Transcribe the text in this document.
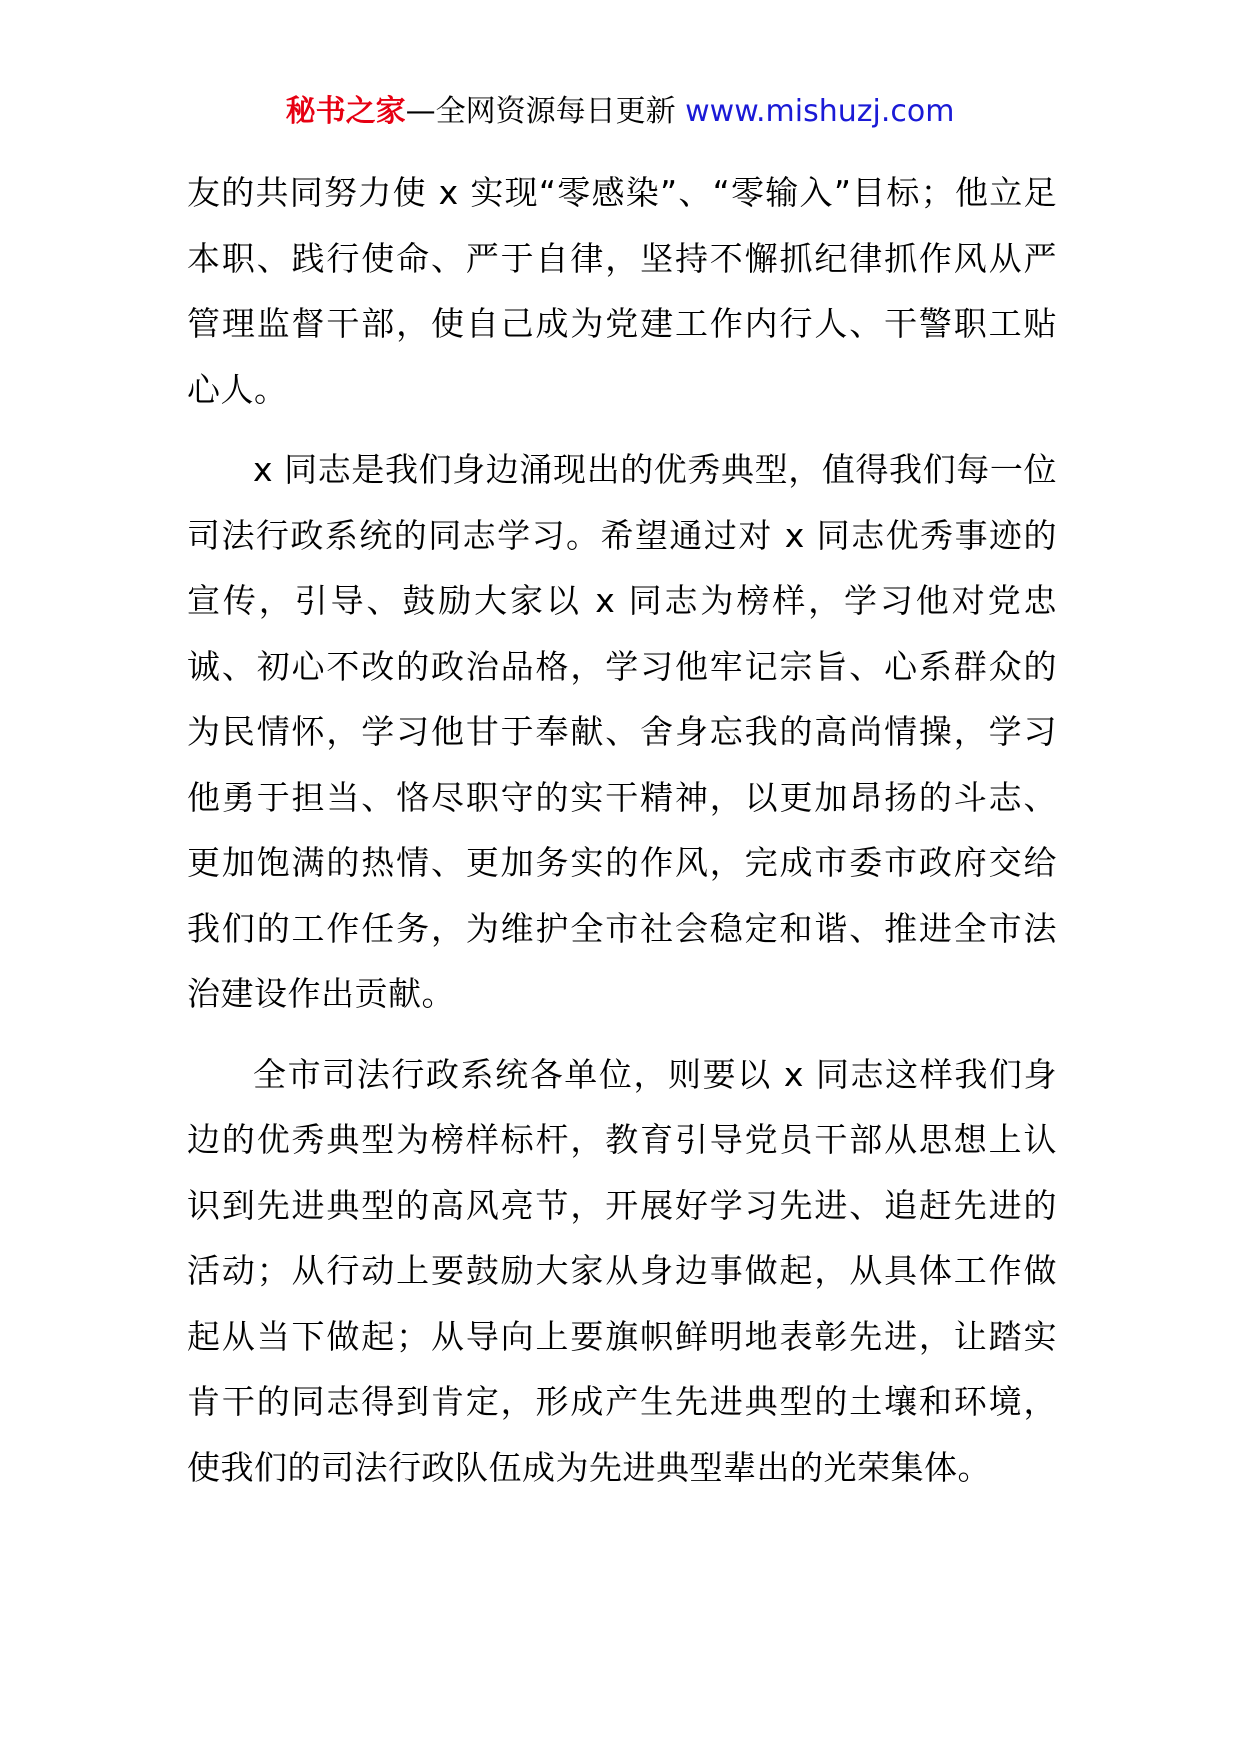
秘书之家—全网资源每日更新 www.mishuzj.com

友的共同努力使 x 实现“零感染”、“零输入”目标；他立足本职、践行使命、严于自律，坚持不懈抓纪律抓作风从严管理监督干部，使自己成为党建工作内行人、干警职工贴心人。

x 同志是我们身边涌现出的优秀典型，值得我们每一位司法行政系统的同志学习。希望通过对 x 同志优秀事迹的宣传，引导、鼓励大家以 x 同志为榜样，学习他对党忠诚、初心不改的政治品格，学习他牢记宗旨、心系群众的为民情怀，学习他甘于奉献、舍身忘我的高尚情操，学习他勇于担当、恪尽职守的实干精神，以更加昂扬的斗志、更加饱满的热情、更加务实的作风，完成市委市政府交给我们的工作任务，为维护全市社会稳定和谐、推进全市法治建设作出贡献。

全市司法行政系统各单位，则要以 x 同志这样我们身边的优秀典型为榜样标杆，教育引导党员干部从思想上认识到先进典型的高风亮节，开展好学习先进、追赶先进的活动；从行动上要鼓励大家从身边事做起，从具体工作做起从当下做起；从导向上要旗帜鲜明地表彰先进，让踏实肯干的同志得到肯定，形成产生先进典型的土壤和环境，使我们的司法行政队伍成为先进典型辈出的光荣集体。
